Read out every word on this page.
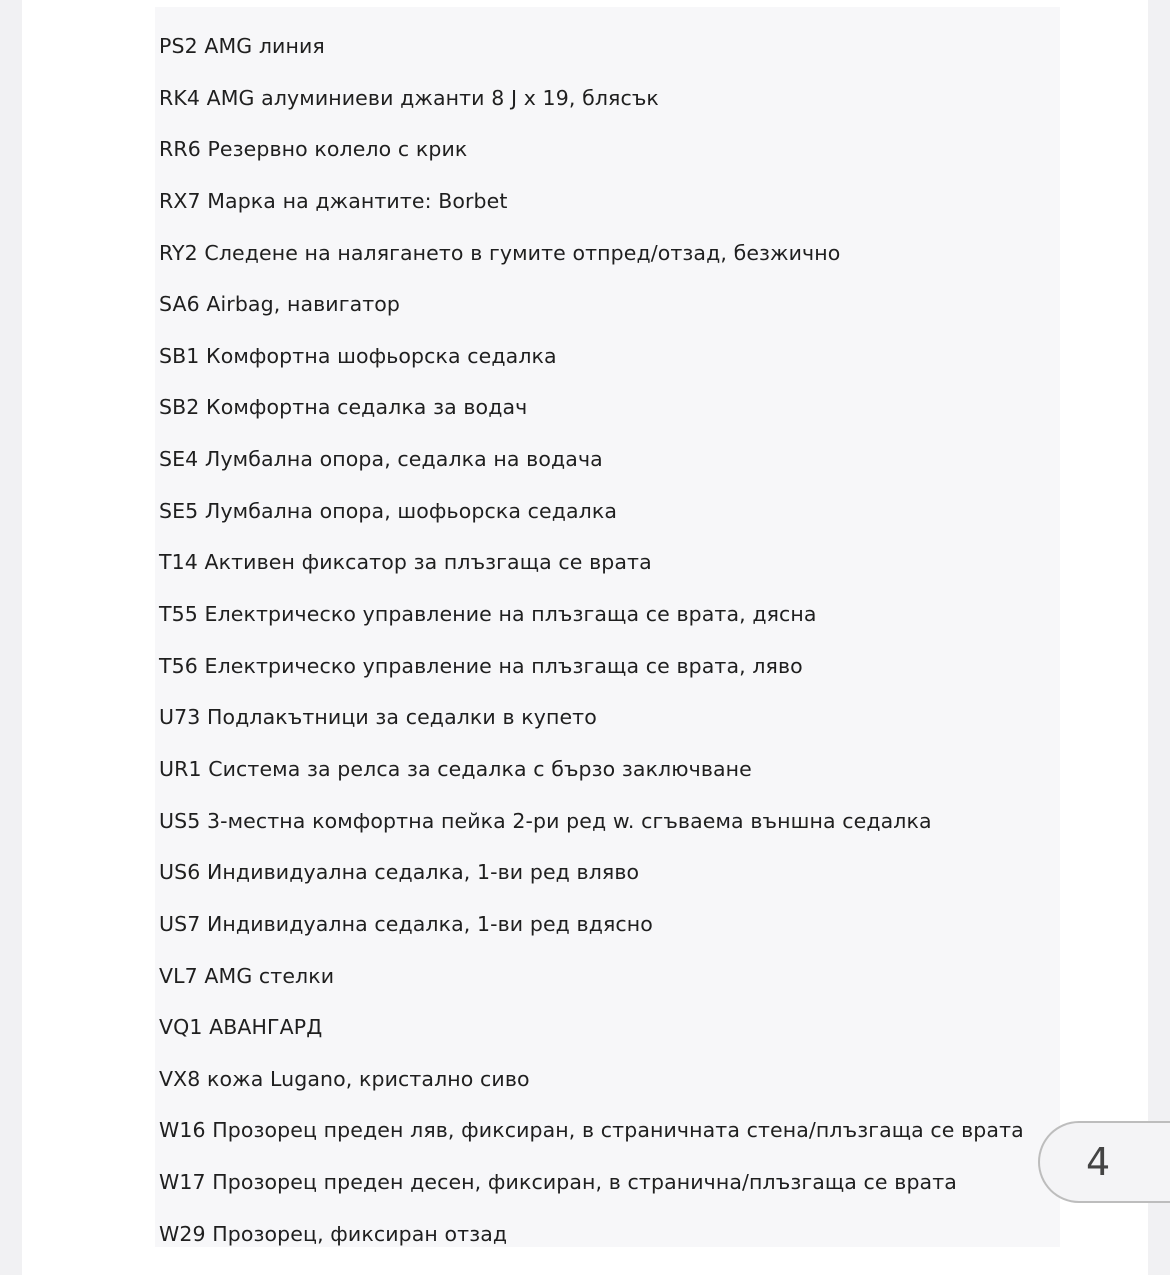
PS2 AMG линия
RK4 AMG алуминиеви джанти 8 J x 19, блясък
RR6 Резервно колело с крик
RX7 Марка на джантите: Borbet
RY2 Следене на налягането в гумите отпред/отзад, безжично
SA6 Airbag, навигатор
SB1 Комфортна шофьорска седалка
SB2 Комфортна седалка за водач
SE4 Лумбална опора, седалка на водача
SE5 Лумбална опора, шофьорска седалка
T14 Активен фиксатор за плъзгаща се врата
T55 Електрическо управление на плъзгаща се врата, дясна
T56 Електрическо управление на плъзгаща се врата, ляво
U73 Подлакътници за седалки в купето
UR1 Система за релса за седалка с бързо заключване
US5 3-местна комфортна пейка 2-ри ред w. сгъваема външна седалка
US6 Индивидуална седалка, 1-ви ред вляво
US7 Индивидуална седалка, 1-ви ред вдясно
VL7 AMG стелки
VQ1 АВАНГАРД
VX8 кожа Lugano, кристално сиво
W16 Прозорец преден ляв, фиксиран, в страничната стена/плъзгаща се врата
W17 Прозорец преден десен, фиксиран, в странична/плъзгаща се врата
W29 Прозорец, фиксиран отзад
4
